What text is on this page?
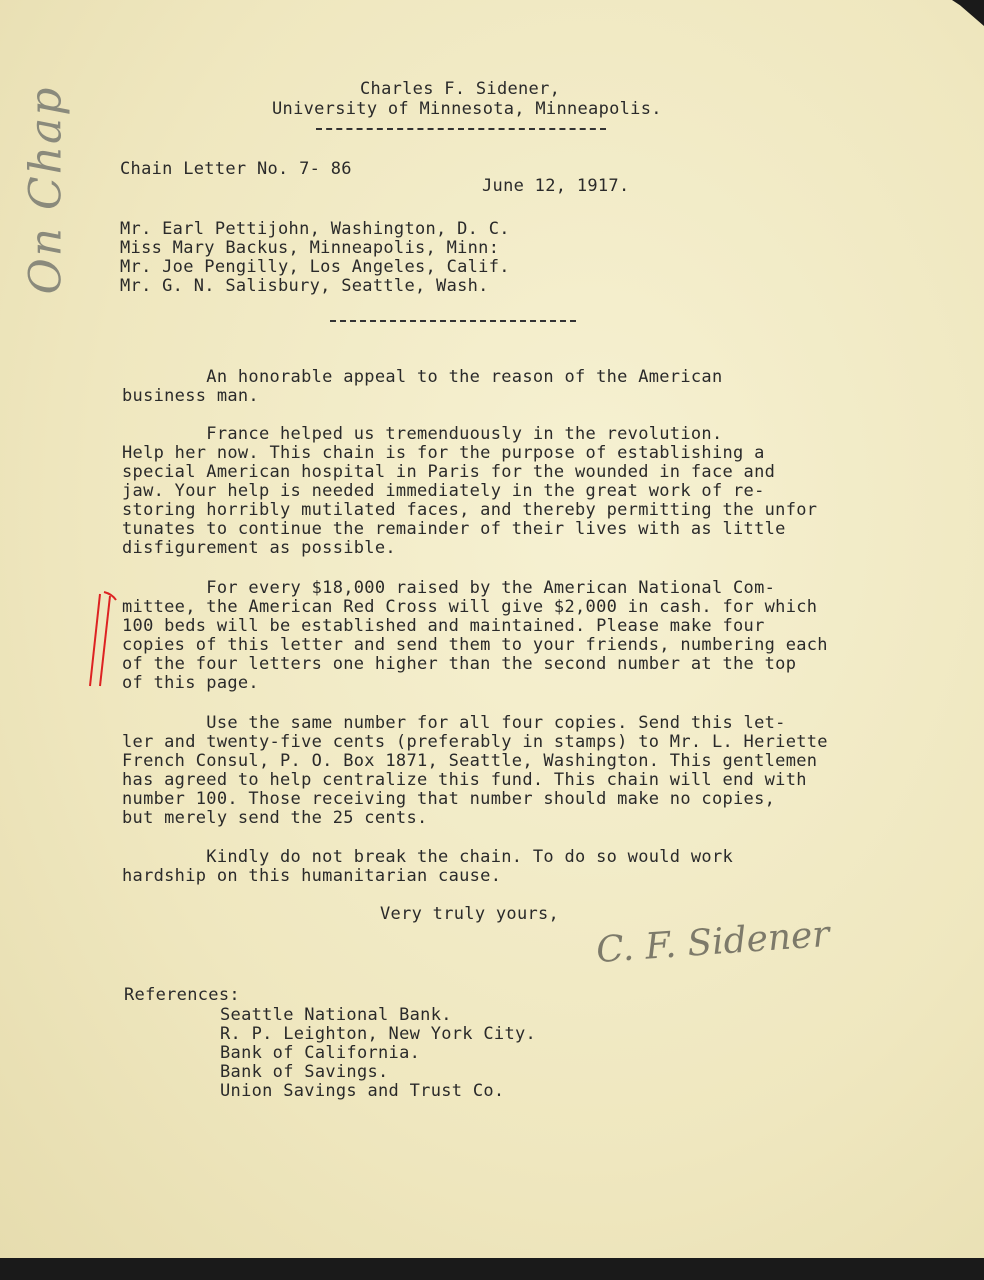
On Chap	Charles F. Sidener,
University of Minnesota, Minneapolis.
Chain Letter No. 7- 86
June 12, 1917.
Mr. Earl Pettijohn, Washington, D. C.
Miss Mary Backus, Minneapolis, Minn:
Mr. Joe Pengilly, Los Angeles, Calif.
Mr. G. N. Salisbury, Seattle, Wash.
An honorable appeal to the reason of the American
business man.
France helped us tremenduously in the revolution.
Help her now. This chain is for the purpose of establishing a
special American hospital in Paris for the wounded in face and
jaw. Your help is needed immediately in the great work of re-
storing horribly mutilated faces, and thereby permitting the unfor
tunates to continue the remainder of their lives with as little
disfigurement as possible.
For every $18,000 raised by the American National Com-
mittee, the American Red Cross will give $2,000 in cash. for which
100 beds will be established and maintained. Please make four
copies of this letter and send them to your friends, numbering each
of the four letters one higher than the second number at the top
of this page.
Use the same number for all four copies. Send this let-
ler and twenty-five cents (preferably in stamps) to Mr. L. Heriette
French Consul, P. O. Box 1871, Seattle, Washington. This gentlemen
has agreed to help centralize this fund. This chain will end with
number 100. Those receiving that number should make no copies,
but merely send the 25 cents.
Kindly do not break the chain. To do so would work
hardship on this humanitarian cause.
Very truly yours, C. F. Sidener
References:
Seattle National Bank.
R. P. Leighton, New York City.
Bank of California.
Bank of Savings.
Union Savings and Trust Co.
